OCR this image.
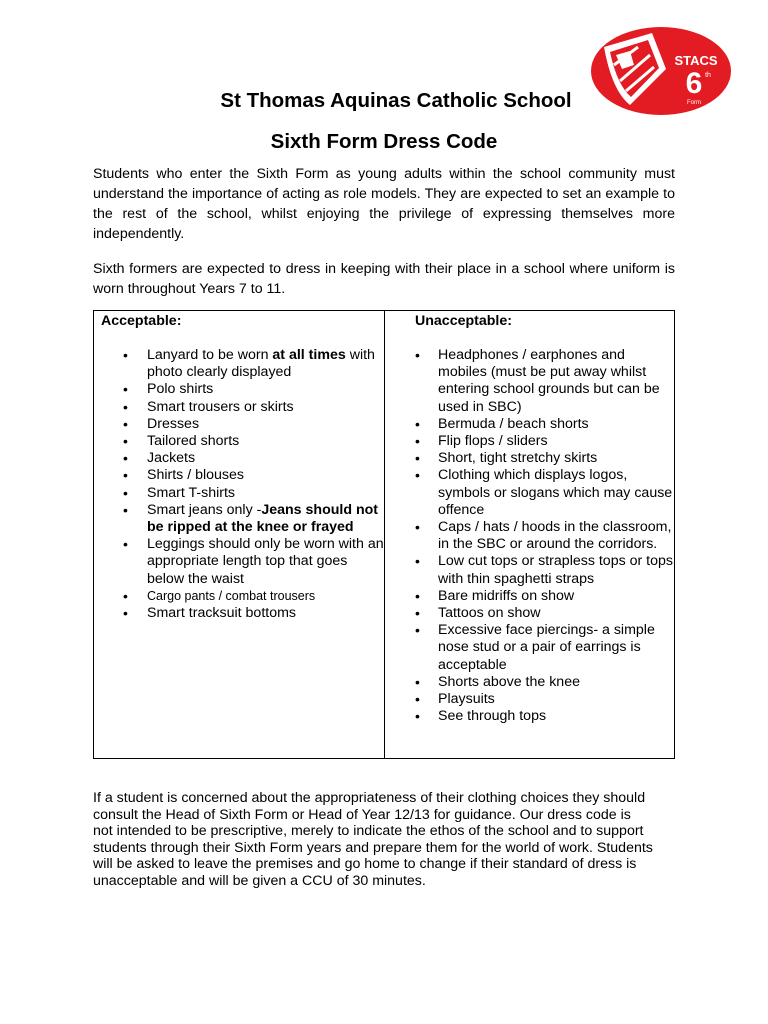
STACS
6 th
Form
St Thomas Aquinas Catholic School
Sixth Form Dress Code

Students who enter the Sixth Form as young adults within the school community must understand the importance of acting as role models. They are expected to set an example to the rest of the school, whilst enjoying the privilege of expressing themselves more independently.

Sixth formers are expected to dress in keeping with their place in a school where uniform is worn throughout Years 7 to 11.

Acceptable:

• Lanyard to be worn at all times with photo clearly displayed
• Polo shirts
• Smart trousers or skirts
• Dresses
• Tailored shorts
• Jackets
• Shirts / blouses
• Smart T-shirts
• Smart jeans only -Jeans should not be ripped at the knee or frayed
• Leggings should only be worn with an appropriate length top that goes below the waist
• Cargo pants / combat trousers
• Smart tracksuit bottoms

Unacceptable:

• Headphones / earphones and mobiles (must be put away whilst entering school grounds but can be used in SBC)
• Bermuda / beach shorts
• Flip flops / sliders
• Short, tight stretchy skirts
• Clothing which displays logos, symbols or slogans which may cause offence
• Caps / hats / hoods in the classroom, in the SBC or around the corridors.
• Low cut tops or strapless tops or tops with thin spaghetti straps
• Bare midriffs on show
• Tattoos on show
• Excessive face piercings- a simple nose stud or a pair of earrings is acceptable
• Shorts above the knee
• Playsuits
• See through tops

If a student is concerned about the appropriateness of their clothing choices they should consult the Head of Sixth Form or Head of Year 12/13 for guidance. Our dress code is not intended to be prescriptive, merely to indicate the ethos of the school and to support students through their Sixth Form years and prepare them for the world of work. Students will be asked to leave the premises and go home to change if their standard of dress is unacceptable and will be given a CCU of 30 minutes.
